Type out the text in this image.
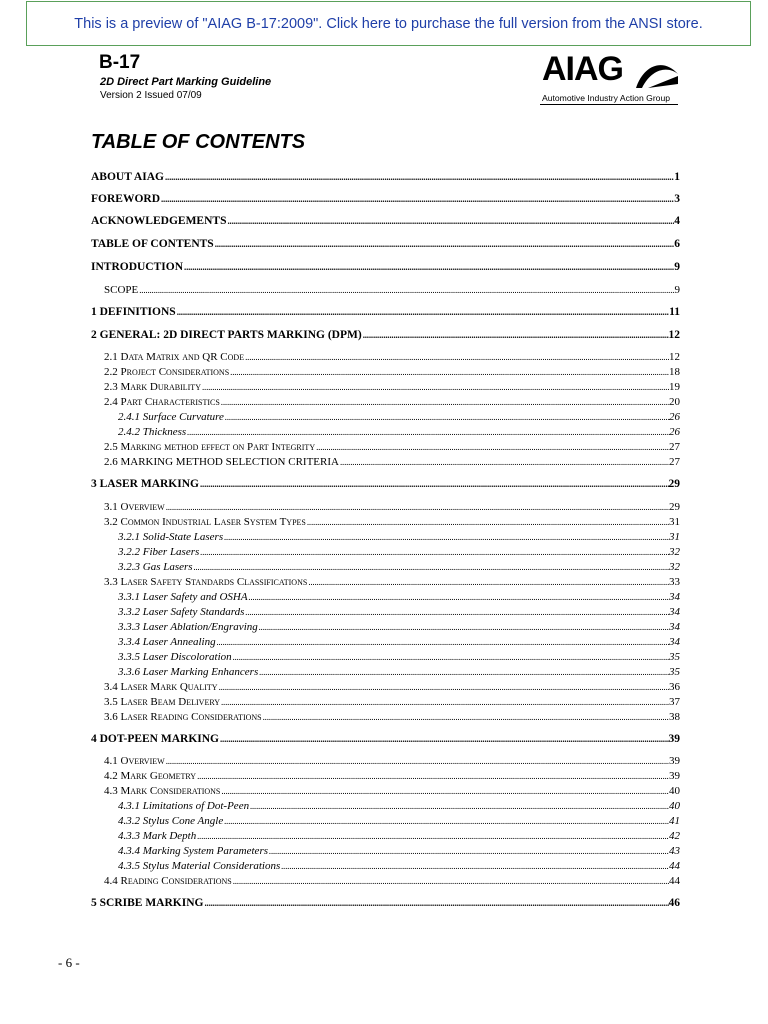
This is a preview of "AIAG B-17:2009". Click here to purchase the full version from the ANSI store.
B-17
2D Direct Part Marking Guideline
Version 2 Issued 07/09
AIAG
Automotive Industry Action Group
TABLE OF CONTENTS
ABOUT AIAG .....	1
FOREWORD .....	3
ACKNOWLEDGEMENTS .....	4
TABLE OF CONTENTS .....	6
INTRODUCTION .....	9
SCOPE .....	9
1 DEFINITIONS .....	11
2 GENERAL: 2D DIRECT PARTS MARKING (DPM) .....	12
2.1 Data Matrix and QR Code .....	12
2.2 Project Considerations .....	18
2.3 Mark Durability .....	19
2.4 Part Characteristics .....	20
2.4.1 Surface Curvature .....	26
2.4.2 Thickness .....	26
2.5 Marking method effect on Part Integrity .....	27
2.6 MARKING METHOD SELECTION CRITERIA .....	27
3 LASER MARKING .....	29
3.1 Overview .....	29
3.2 Common Industrial Laser System Types .....	31
3.2.1 Solid-State Lasers .....	31
3.2.2 Fiber Lasers .....	32
3.2.3 Gas Lasers .....	32
3.3 Laser Safety Standards Classifications .....	33
3.3.1 Laser Safety and OSHA .....	34
3.3.2 Laser Safety Standards .....	34
3.3.3 Laser Ablation/Engraving .....	34
3.3.4 Laser Annealing .....	34
3.3.5 Laser Discoloration .....	35
3.3.6 Laser Marking Enhancers .....	35
3.4 Laser Mark Quality .....	36
3.5 Laser Beam Delivery .....	37
3.6 Laser Reading Considerations .....	38
4 DOT-PEEN MARKING .....	39
4.1 Overview .....	39
4.2 Mark Geometry .....	39
4.3 Mark Considerations .....	40
4.3.1 Limitations of Dot-Peen .....	40
4.3.2 Stylus Cone Angle .....	41
4.3.3 Mark Depth .....	42
4.3.4 Marking System Parameters .....	43
4.3.5 Stylus Material Considerations .....	44
4.4 Reading Considerations .....	44
5 SCRIBE MARKING .....	46
- 6 -
